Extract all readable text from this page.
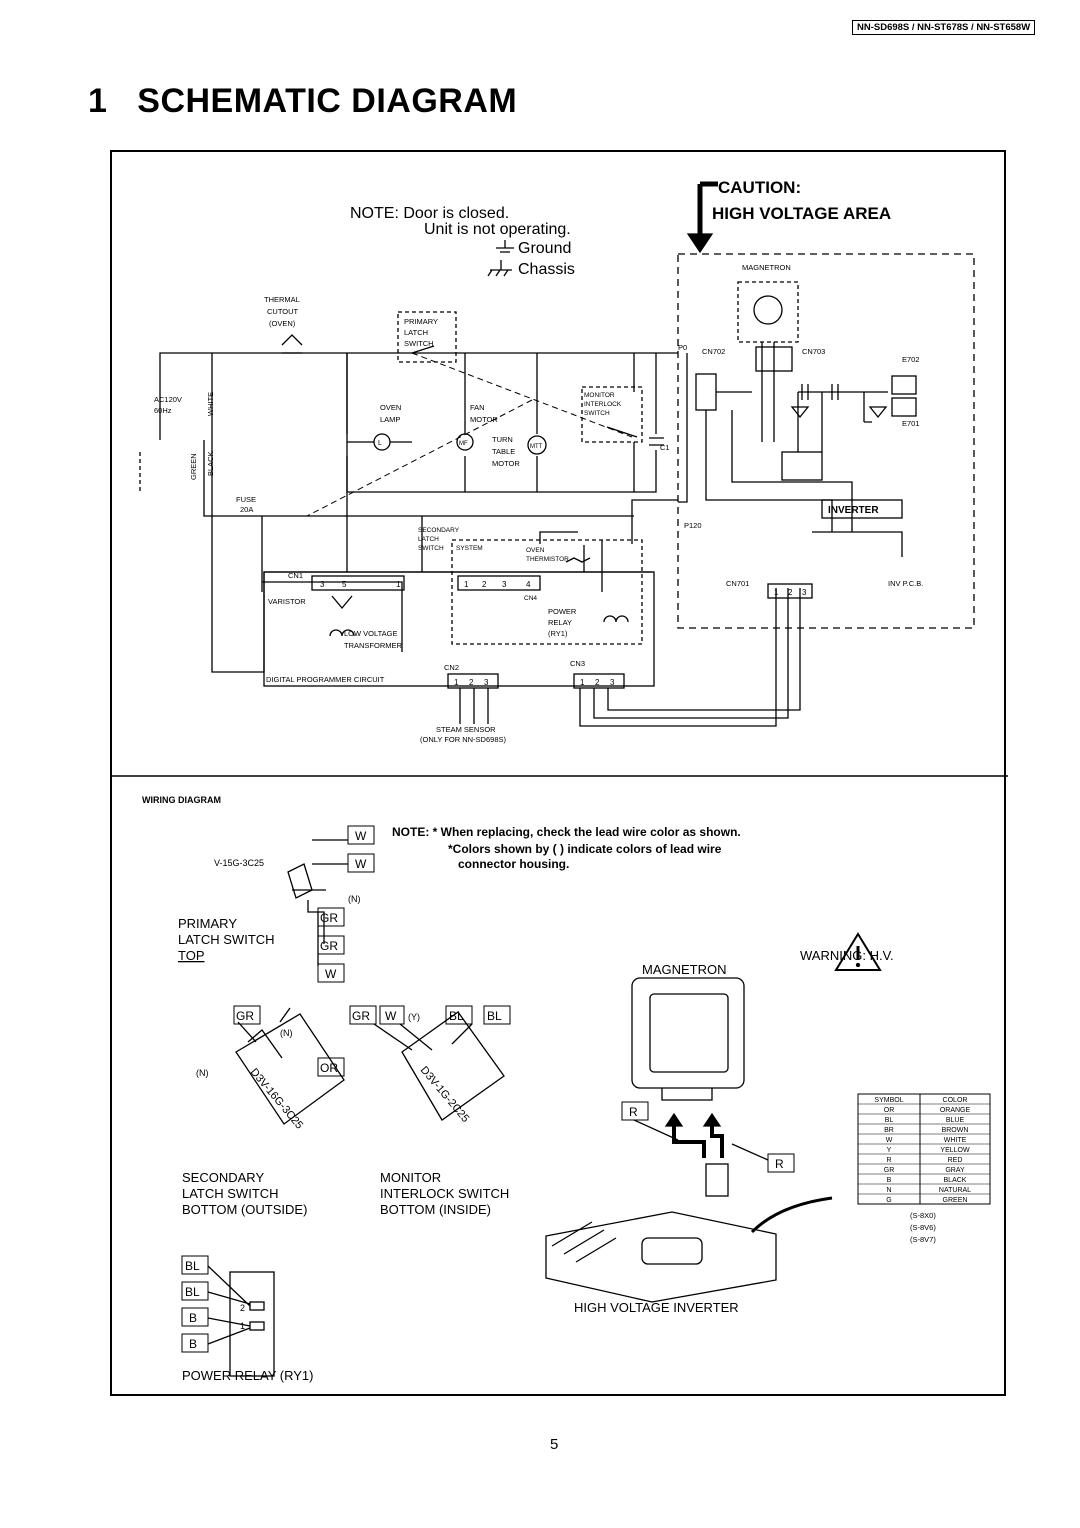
NN-SD698S / NN-ST678S / NN-ST658W
1 SCHEMATIC DIAGRAM
NOTE: Door is closed.
Unit is not operating.
Ground
Chassis
CAUTION:
HIGH VOLTAGE AREA
THERMAL
CUTOUT
(OVEN)	PRIMARY
LATCH
SWITCH
AC120V
60Hz	WHITE
GREEN BLACK
OVEN
LAMP
FAN
MOTOR
TURN
TABLE
MOTOR
MONITOR
INTERLOCK
SWITCH
L	MF	MTT	C1
P0 CN702	CN703
MAGNETRON
E702
E701
P120
CN701	INV P.C.B.
FUSE
20A
SECONDARY
LATCH
SWITCH SYSTEM	OVEN
THERMISTOR
CN1
CN4
VARISTOR
POWER
RELAY
(RY1)
LOW VOLTAGE
TRANSFORMER
CN2	CN3
DIGITAL PROGRAMMER CIRCUIT
STEAM SENSOR
(ONLY FOR NN-SD698S)
INVERTER
3 5	1	1 2 3 4
1 2 3	1 2 3
1 2 3
WIRING DIAGRAM
NOTE: * When replacing, check the lead wire color as shown.
*Colors shown by ( ) indicate colors of lead wire
connector housing.
V-15G-3C25
W
W
GR
GR
W
GR
OR
GR W	BL BL
R
R
BL
BL
B
B
(N)
(N)
(N)
(Y)
2
1
D3V-16G-3C25	D3V-1G-2C25
PRIMARY
LATCH SWITCH
TOP
SECONDARY
LATCH SWITCH
BOTTOM (OUTSIDE)
MONITOR
INTERLOCK SWITCH
BOTTOM (INSIDE)
WARNING: H.V.
MAGNETRON
HIGH VOLTAGE INVERTER
POWER RELAY (RY1)
SYMBOL	COLOR
OR	ORANGE
BL	BLUE
BR	BROWN
W	WHITE
Y	YELLOW
R	RED
GR	GRAY
B	BLACK
N	NATURAL
G	GREEN
(S-8X0)
(S-8V6)
(S-8V7)
5
